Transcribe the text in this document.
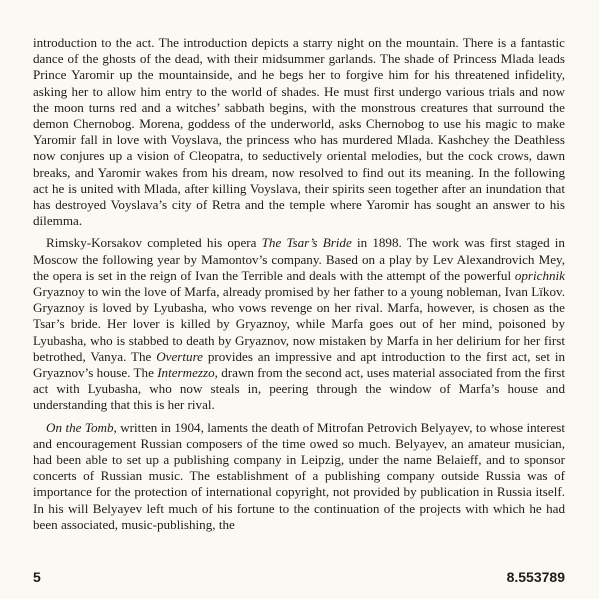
introduction to the act. The introduction depicts a starry night on the mountain. There is a fantastic dance of the ghosts of the dead, with their midsummer garlands. The shade of Princess Mlada leads Prince Yaromir up the mountainside, and he begs her to forgive him for his threatened infidelity, asking her to allow him entry to the world of shades. He must first undergo various trials and now the moon turns red and a witches’ sabbath begins, with the monstrous creatures that surround the demon Chernobog. Morena, goddess of the underworld, asks Chernobog to use his magic to make Yaromir fall in love with Voyslava, the princess who has murdered Mlada. Kashchey the Deathless now conjures up a vision of Cleopatra, to seductively oriental melodies, but the cock crows, dawn breaks, and Yaromir wakes from his dream, now resolved to find out its meaning. In the following act he is united with Mlada, after killing Voyslava, their spirits seen together after an inundation that has destroyed Voyslava’s city of Retra and the temple where Yaromir has sought an answer to his dilemma.

Rimsky-Korsakov completed his opera The Tsar’s Bride in 1898. The work was first staged in Moscow the following year by Mamontov’s company. Based on a play by Lev Alexandrovich Mey, the opera is set in the reign of Ivan the Terrible and deals with the attempt of the powerful oprichnik Gryaznoy to win the love of Marfa, already promised by her father to a young nobleman, Ivan Lïkov. Gryaznoy is loved by Lyubasha, who vows revenge on her rival. Marfa, however, is chosen as the Tsar’s bride. Her lover is killed by Gryaznoy, while Marfa goes out of her mind, poisoned by Lyubasha, who is stabbed to death by Gryaznov, now mistaken by Marfa in her delirium for her first betrothed, Vanya. The Overture provides an impressive and apt introduction to the first act, set in Gryaznov’s house. The Intermezzo, drawn from the second act, uses material associated from the first act with Lyubasha, who now steals in, peering through the window of Marfa’s house and understanding that this is her rival.

On the Tomb, written in 1904, laments the death of Mitrofan Petrovich Belyayev, to whose interest and encouragement Russian composers of the time owed so much. Belyayev, an amateur musician, had been able to set up a publishing company in Leipzig, under the name Belaieff, and to sponsor concerts of Russian music. The establishment of a publishing company outside Russia was of importance for the protection of international copyright, not provided by publication in Russia itself. In his will Belyayev left much of his fortune to the continuation of the projects with which he had been associated, music-publishing, the

5	8.553789
